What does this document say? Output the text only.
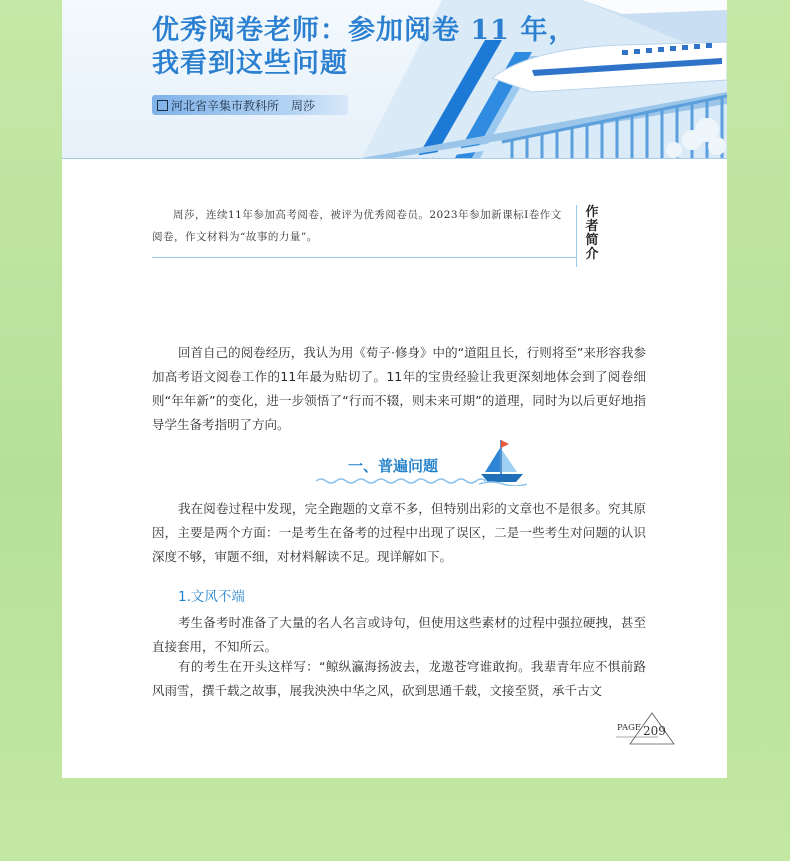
优秀阅卷老师：参加阅卷 11 年，
我看到这些问题
河北省辛集市教科所　周莎
周莎，连续11年参加高考阅卷，被评为优秀阅卷员。2023年参加新课标Ⅰ卷作文阅卷，作文材料为“故事的力量”。
作
者
简
介
回首自己的阅卷经历，我认为用《荀子·修身》中的“道阻且长，行则将至”来形容我参加高考语文阅卷工作的11年最为贴切了。11年的宝贵经验让我更深刻地体会到了阅卷细则“年年新”的变化，进一步领悟了“行而不辍，则未来可期”的道理，同时为以后更好地指导学生备考指明了方向。
一、普遍问题
我在阅卷过程中发现，完全跑题的文章不多，但特别出彩的文章也不是很多。究其原因，主要是两个方面：一是考生在备考的过程中出现了误区，二是一些考生对问题的认识深度不够，审题不细，对材料解读不足。现详解如下。
1.文风不端
考生备考时准备了大量的名人名言或诗句，但使用这些素材的过程中强拉硬拽，甚至直接套用，不知所云。
有的考生在开头这样写：“鲸纵瀛海扬波去，龙遨苍穹谁敢拘。我辈青年应不惧前路风雨雪，撰千载之故事，展我泱泱中华之风，砍到思通千载，文接至贤，承千古文
PAGE 209
